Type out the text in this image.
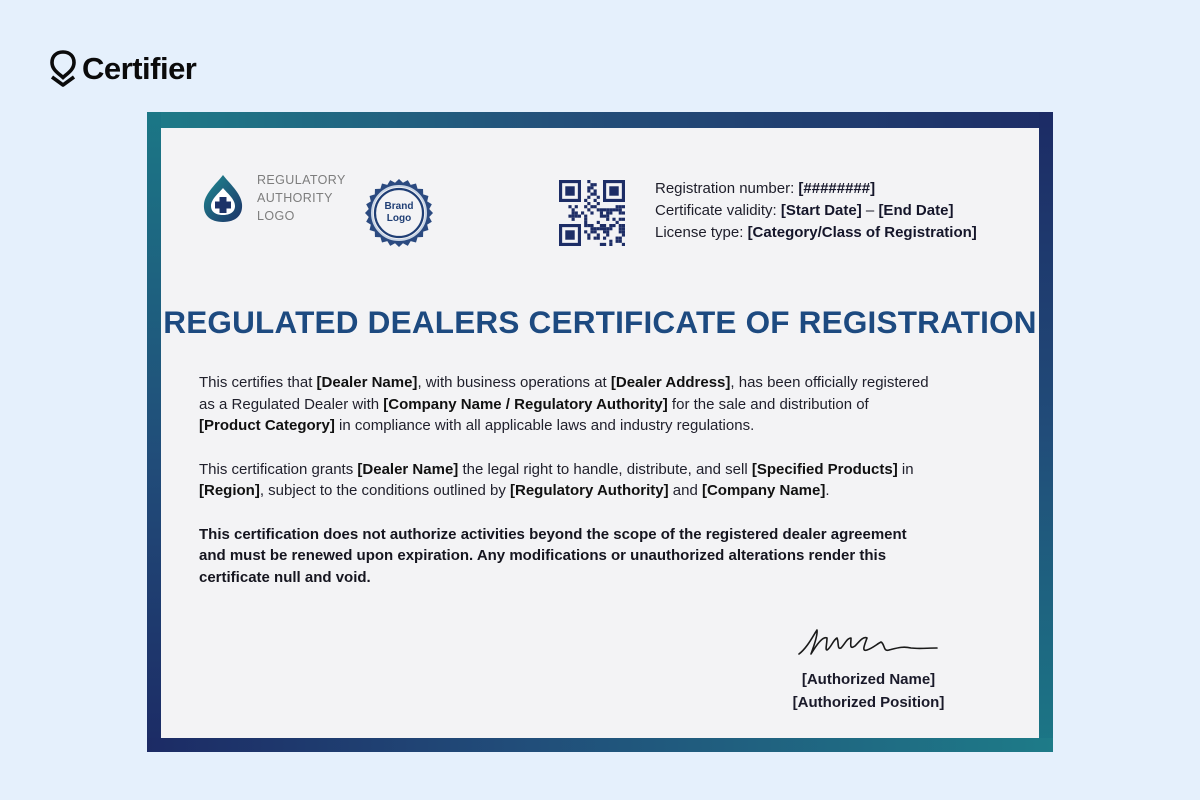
Certifier
REGULATORY
AUTHORITY
LOGO
Brand
Logo
Registration number: [########]
Certificate validity: [Start Date] – [End Date]
License type: [Category/Class of Registration]
REGULATED DEALERS CERTIFICATE OF REGISTRATION

This certifies that [Dealer Name], with business operations at [Dealer Address], has been officially registered as a Regulated Dealer with [Company Name / Regulatory Authority] for the sale and distribution of [Product Category] in compliance with all applicable laws and industry regulations.

This certification grants [Dealer Name] the legal right to handle, distribute, and sell [Specified Products] in [Region], subject to the conditions outlined by [Regulatory Authority] and [Company Name].

This certification does not authorize activities beyond the scope of the registered dealer agreement and must be renewed upon expiration. Any modifications or unauthorized alterations render this certificate null and void.

[Authorized Name]
[Authorized Position]
